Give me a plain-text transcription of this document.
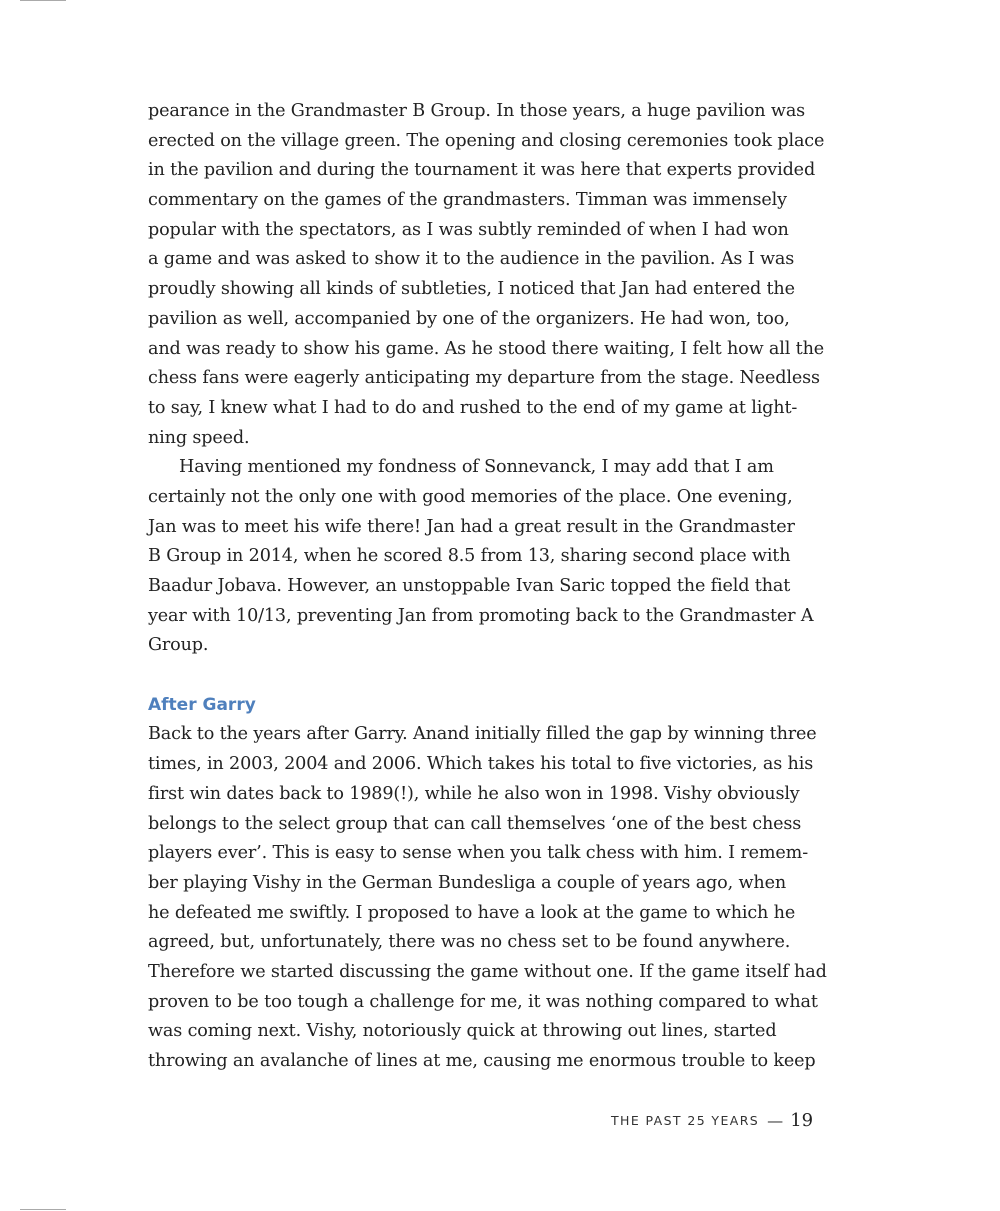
pearance in the Grandmaster B Group. In those years, a huge pavilion was
erected on the village green. The opening and closing ceremonies took place
in the pavilion and during the tournament it was here that experts provided
commentary on the games of the grandmasters. Timman was immensely
popular with the spectators, as I was subtly reminded of when I had won
a game and was asked to show it to the audience in the pavilion. As I was
proudly showing all kinds of subtleties, I noticed that Jan had entered the
pavilion as well, accompanied by one of the organizers. He had won, too,
and was ready to show his game. As he stood there waiting, I felt how all the
chess fans were eagerly anticipating my departure from the stage. Needless
to say, I knew what I had to do and rushed to the end of my game at light-
ning speed.
Having mentioned my fondness of Sonnevanck, I may add that I am
certainly not the only one with good memories of the place. One evening,
Jan was to meet his wife there! Jan had a great result in the Grandmaster
B Group in 2014, when he scored 8.5 from 13, sharing second place with
Baadur Jobava. However, an unstoppable Ivan Saric topped the field that
year with 10/13, preventing Jan from promoting back to the Grandmaster A
Group.
After Garry
Back to the years after Garry. Anand initially filled the gap by winning three
times, in 2003, 2004 and 2006. Which takes his total to five victories, as his
first win dates back to 1989(!), while he also won in 1998. Vishy obviously
belongs to the select group that can call themselves ‘one of the best chess
players ever’. This is easy to sense when you talk chess with him. I remem-
ber playing Vishy in the German Bundesliga a couple of years ago, when
he defeated me swiftly. I proposed to have a look at the game to which he
agreed, but, unfortunately, there was no chess set to be found anywhere.
Therefore we started discussing the game without one. If the game itself had
proven to be too tough a challenge for me, it was nothing compared to what
was coming next. Vishy, notoriously quick at throwing out lines, started
throwing an avalanche of lines at me, causing me enormous trouble to keep
THE PAST 25 YEARS — 19
